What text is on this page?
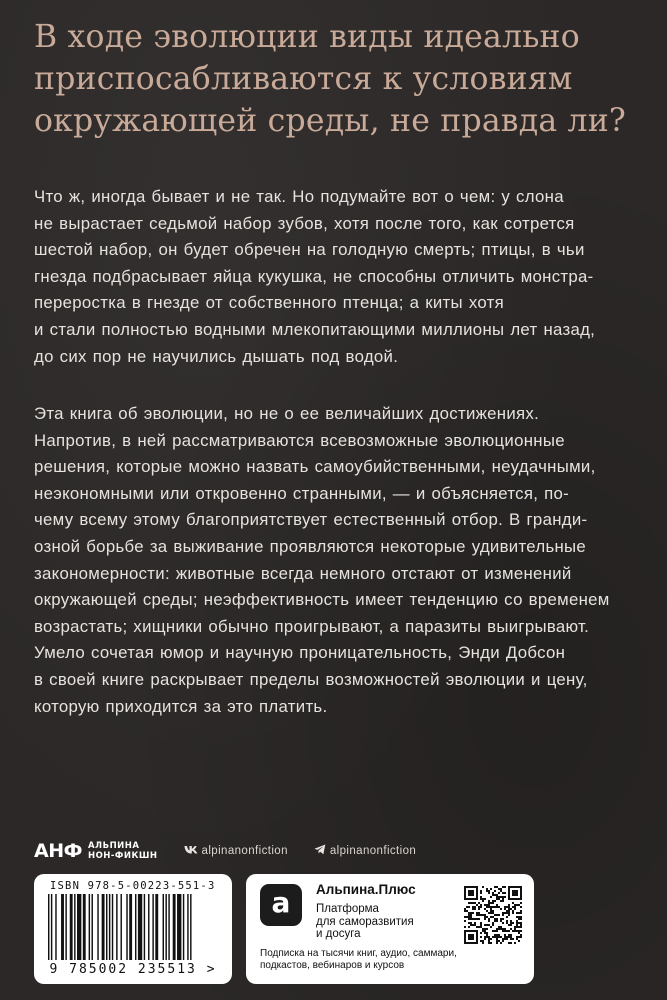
В ходе эволюции виды идеально
приспосабливаются к условиям
окружающей среды, не правда ли?
Что ж, иногда бывает и не так. Но подумайте вот о чем: у слона
не вырастает седьмой набор зубов, хотя после того, как сотрется
шестой набор, он будет обречен на голодную смерть; птицы, в чьи
гнезда подбрасывает яйца кукушка, не способны отличить монстра-
переростка в гнезде от собственного птенца; а киты хотя
и стали полностью водными млекопитающими миллионы лет назад,
до сих пор не научились дышать под водой.
Эта книга об эволюции, но не о ее величайших достижениях.
Напротив, в ней рассматриваются всевозможные эволюционные
решения, которые можно назвать самоубийственными, неудачными,
неэкономными или откровенно странными, — и объясняется, по-
чему всему этому благоприятствует естественный отбор. В гранди-
озной борьбе за выживание проявляются некоторые удивительные
закономерности: животные всегда немного отстают от изменений
окружающей среды; неэффективность имеет тенденцию со временем
возрастать; хищники обычно проигрывают, а паразиты выигрывают.
Умело сочетая юмор и научную проницательность, Энди Добсон
в своей книге раскрывает пределы возможностей эволюции и цену,
которую приходится за это платить.
АНФ АЛЬПИНА
НОН-ФИКШН	alpinanonfiction	alpinanonfiction
ISBN 978-5-00223-551-3
9 785002 235513 >
a Альпина.Плюс
Платформа
для саморазвития
и досуга
Подписка на тысячи книг, аудио, саммари,
подкастов, вебинаров и курсов
